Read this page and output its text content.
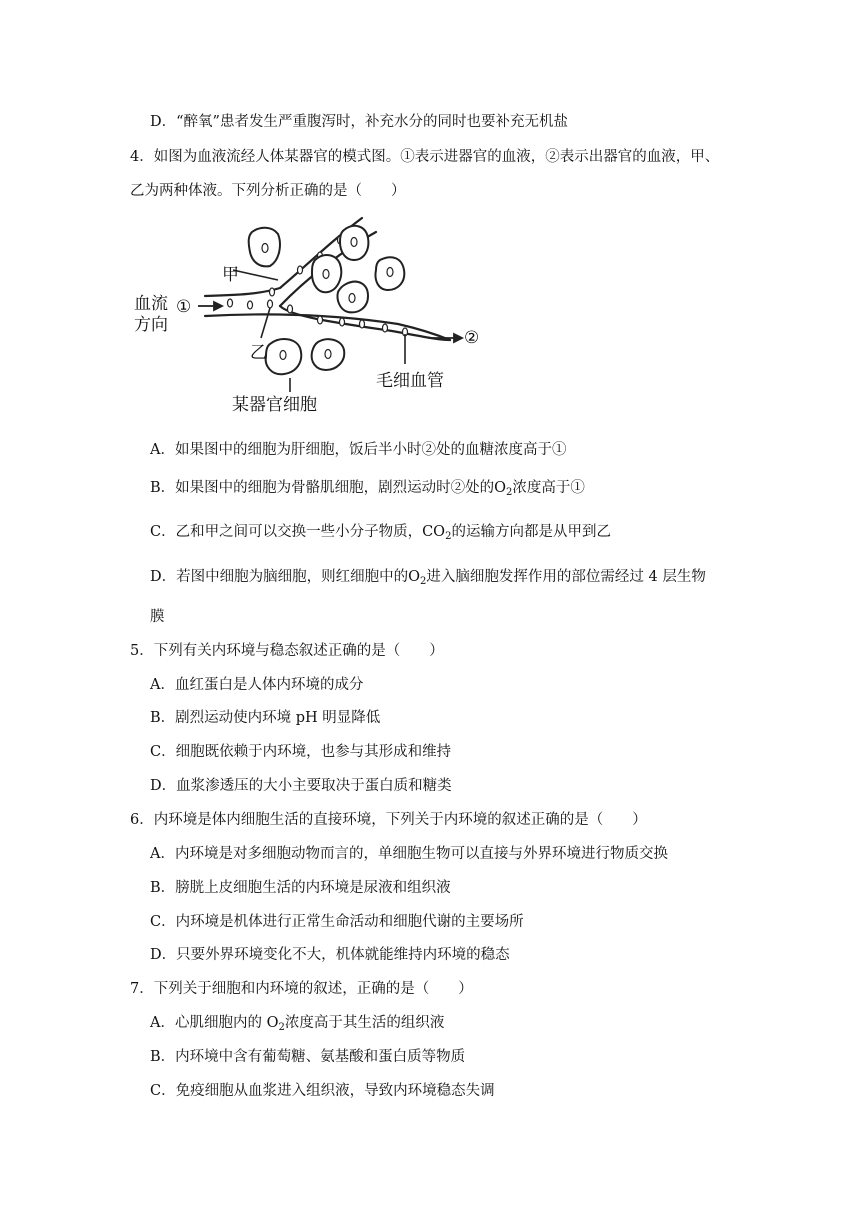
D．“醉氧”患者发生严重腹泻时，补充水分的同时也要补充无机盐
4．如图为血液流经人体某器官的模式图。①表示进器官的血液，②表示出器官的血液，甲、
乙为两种体液。下列分析正确的是（　　）
甲
血流
方向
①
乙
②
毛细血管
某器官细胞
A．如果图中的细胞为肝细胞，饭后半小时②处的血糖浓度高于①
B．如果图中的细胞为骨骼肌细胞，剧烈运动时②处的$O_2$浓度高于①
C．乙和甲之间可以交换一些小分子物质，$CO_2$的运输方向都是从甲到乙
D．若图中细胞为脑细胞，则红细胞中的$O_2$进入脑细胞发挥作用的部位需经过 4 层生物
膜
5．下列有关内环境与稳态叙述正确的是（　　）
A．血红蛋白是人体内环境的成分
B．剧烈运动使内环境 pH 明显降低
C．细胞既依赖于内环境，也参与其形成和维持
D．血浆渗透压的大小主要取决于蛋白质和糖类
6．内环境是体内细胞生活的直接环境，下列关于内环境的叙述正确的是（　　）
A．内环境是对多细胞动物而言的，单细胞生物可以直接与外界环境进行物质交换
B．膀胱上皮细胞生活的内环境是尿液和组织液
C．内环境是机体进行正常生命活动和细胞代谢的主要场所
D．只要外界环境变化不大，机体就能维持内环境的稳态
7．下列关于细胞和内环境的叙述，正确的是（　　）
A．心肌细胞内的 $O_2$浓度高于其生活的组织液
B．内环境中含有葡萄糖、氨基酸和蛋白质等物质
C．免疫细胞从血浆进入组织液，导致内环境稳态失调
